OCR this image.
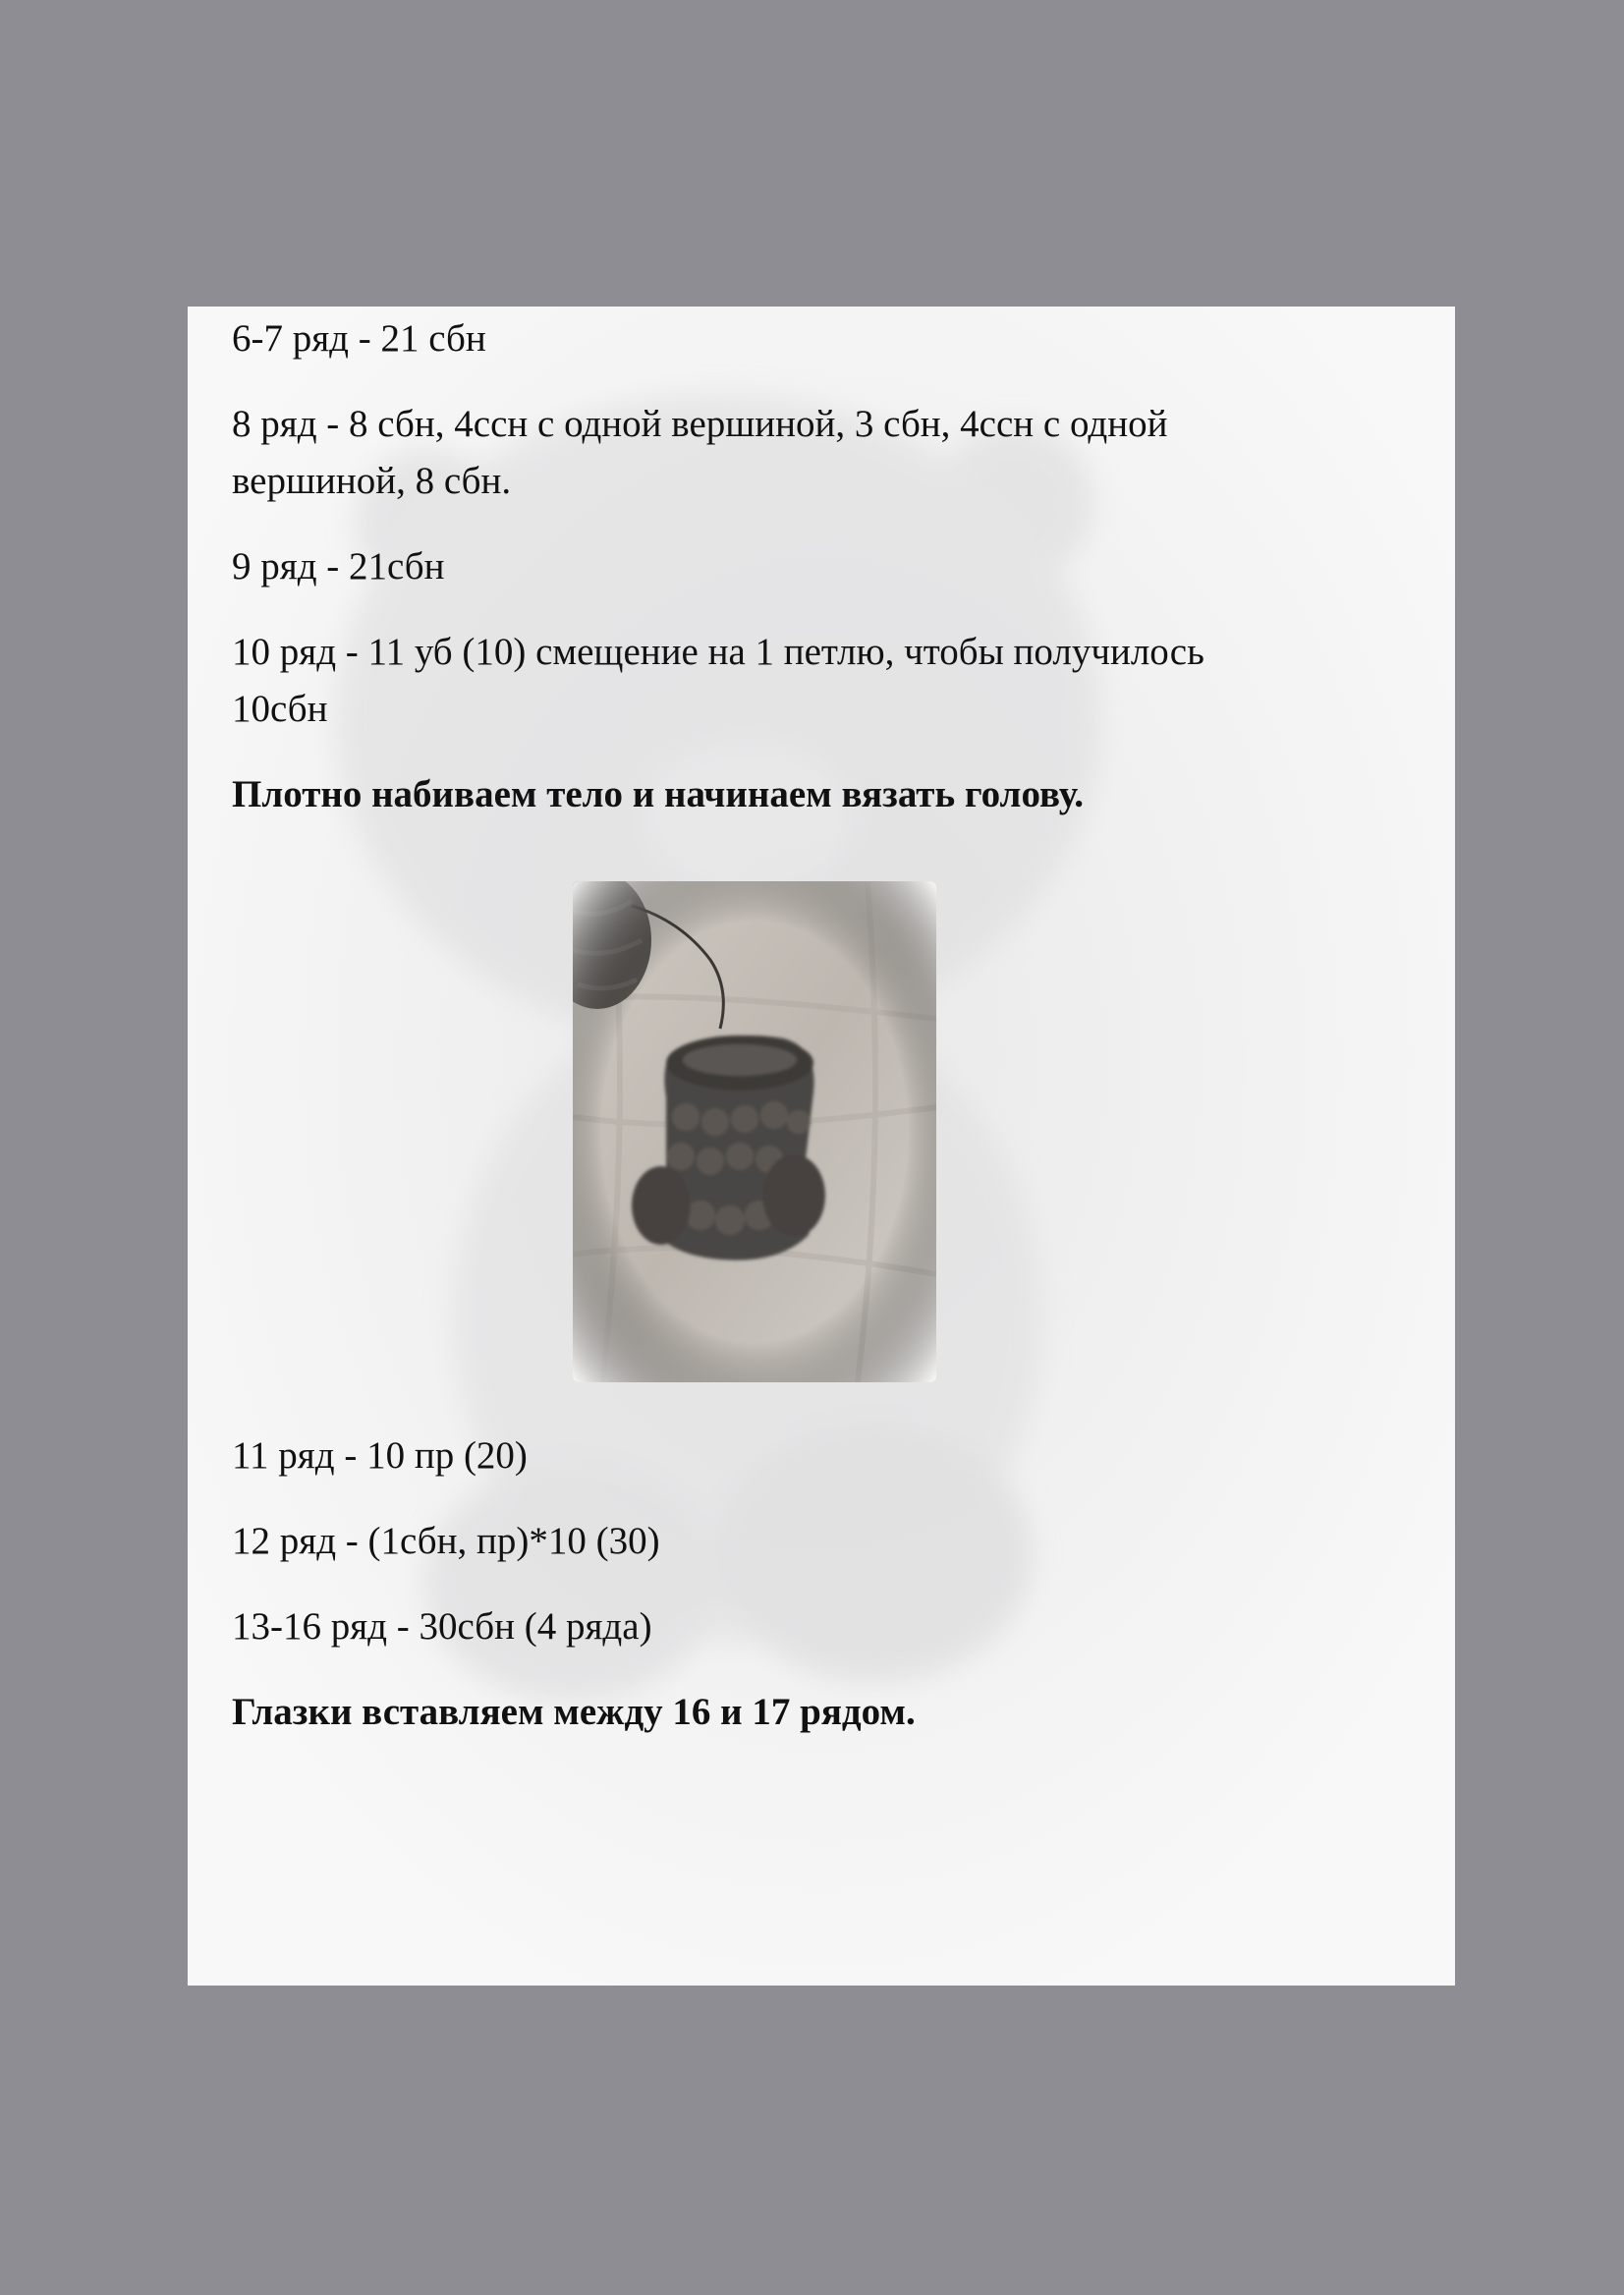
6-7 ряд - 21 сбн
8 ряд - 8 сбн, 4ссн с одной вершиной, 3 сбн, 4ссн с одной
вершиной, 8 сбн.
9 ряд - 21сбн
10 ряд - 11 уб (10) смещение на 1 петлю, чтобы получилось
10сбн
Плотно набиваем тело и начинаем вязать голову.
11 ряд - 10 пр (20)
12 ряд - (1сбн, пр)*10 (30)
13-16 ряд - 30сбн (4 ряда)
Глазки вставляем между 16 и 17 рядом.
